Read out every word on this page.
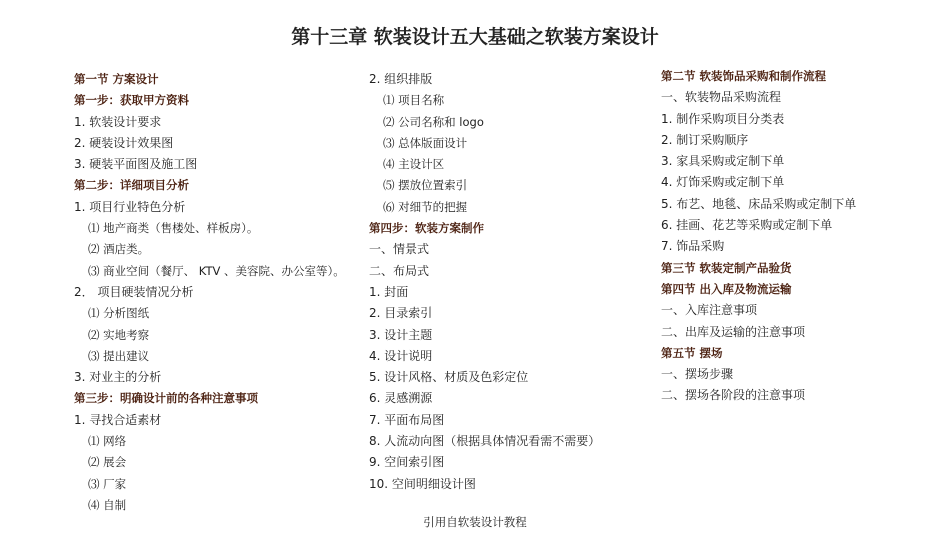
第十三章 软装设计五大基础之软装方案设计
第一节 方案设计
第一步：获取甲方资料
1. 软装设计要求
2. 硬装设计效果图
3. 硬装平面图及施工图
第二步：详细项目分析
1. 项目行业特色分析
⑴ 地产商类（售楼处、样板房）。
⑵ 酒店类。
⑶ 商业空间（餐厅、 KTV 、美容院、办公室等）。
2． 项目硬装情况分析
⑴ 分析图纸
⑵ 实地考察
⑶ 提出建议
3. 对业主的分析
第三步：明确设计前的各种注意事项
1. 寻找合适素材
⑴ 网络
⑵ 展会
⑶ 厂家
⑷ 自制
2. 组织排版
⑴ 项目名称
⑵ 公司名称和 logo
⑶ 总体版面设计
⑷ 主设计区
⑸ 摆放位置索引
⑹ 对细节的把握
第四步：软装方案制作
一、情景式
二、布局式
1. 封面
2. 目录索引
3. 设计主题
4. 设计说明
5. 设计风格、材质及色彩定位
6. 灵感溯源
7. 平面布局图
8. 人流动向图（根据具体情况看需不需要）
9. 空间索引图
10. 空间明细设计图
第二节 软装饰品采购和制作流程
一、软装物品采购流程
1. 制作采购项目分类表
2. 制订采购顺序
3. 家具采购或定制下单
4. 灯饰采购或定制下单
5. 布艺、地毯、床品采购或定制下单
6. 挂画、花艺等采购或定制下单
7. 饰品采购
第三节 软装定制产品验货
第四节 出入库及物流运输
一、入库注意事项
二、出库及运输的注意事项
第五节 摆场
一、摆场步骤
二、摆场各阶段的注意事项
引用自软装设计教程
